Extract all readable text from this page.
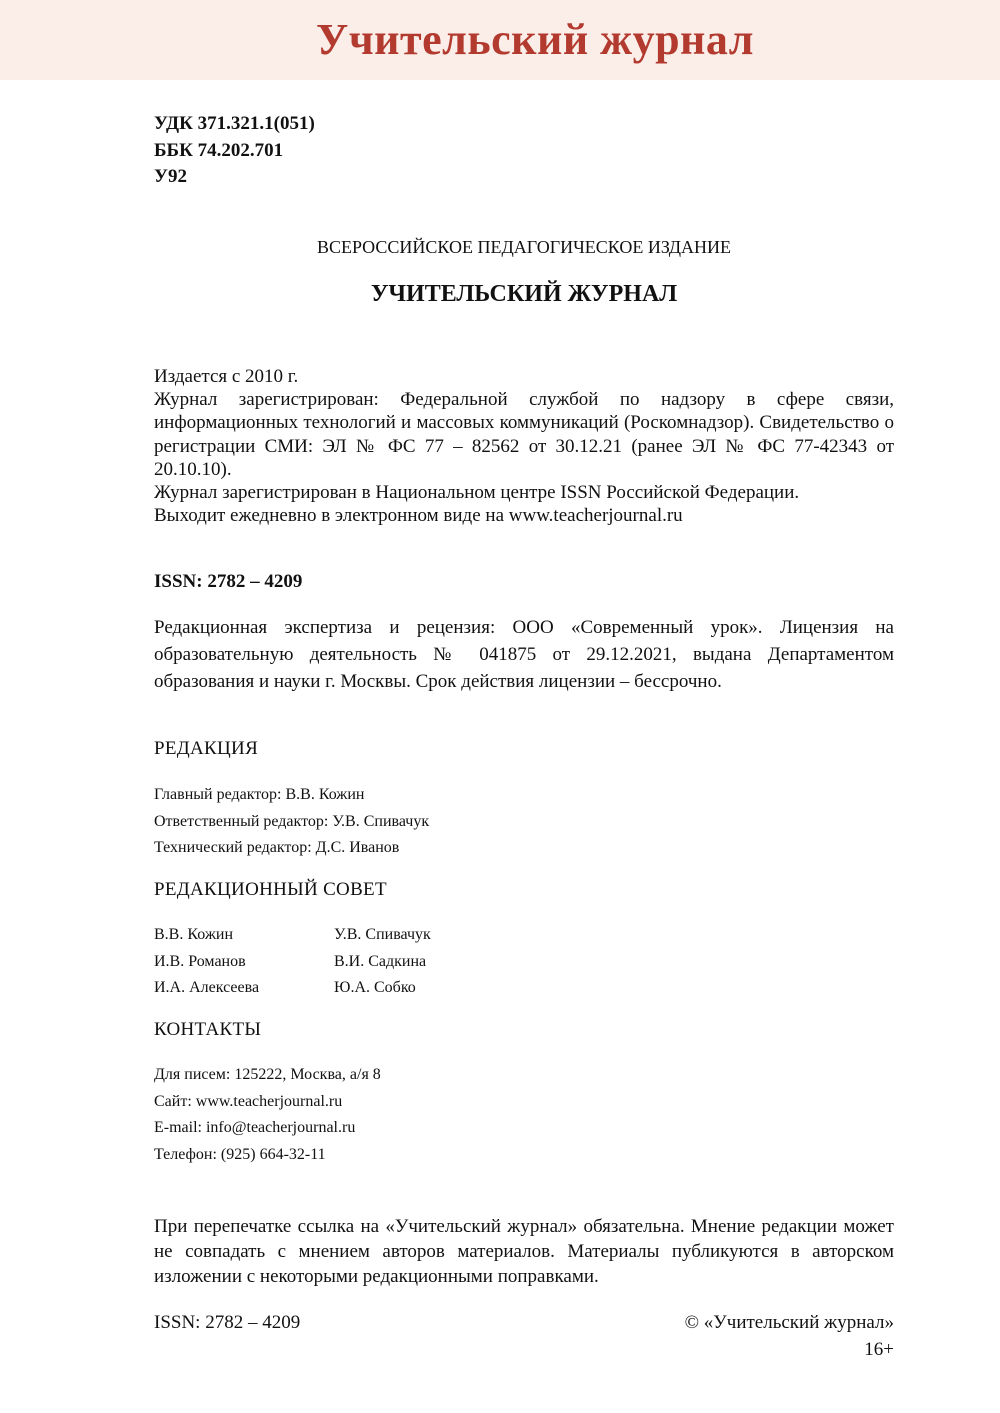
Учительский журнал
УДК 371.321.1(051)
ББК 74.202.701
У92
ВСЕРОССИЙСКОЕ ПЕДАГОГИЧЕСКОЕ ИЗДАНИЕ
УЧИТЕЛЬСКИЙ ЖУРНАЛ

Издается с 2010 г.

Журнал зарегистрирован: Федеральной службой по надзору в сфере связи, информационных технологий и массовых коммуникаций (Роскомнадзор). Свидетельство о регистрации СМИ: ЭЛ № ФС 77 – 82562 от 30.12.21 (ранее ЭЛ № ФС 77-42343 от 20.10.10).

Журнал зарегистрирован в Национальном центре ISSN Российской Федерации.

Выходит ежедневно в электронном виде на www.teacherjournal.ru

ISSN: 2782 – 4209
Редакционная экспертиза и рецензия: ООО «Современный урок». Лицензия на образовательную деятельность № 041875 от 29.12.2021, выдана Департаментом образования и науки г. Москвы. Срок действия лицензии – бессрочно.
РЕДАКЦИЯ
Главный редактор: В.В. Кожин
Ответственный редактор: У.В. Спивачук
Технический редактор: Д.С. Иванов
РЕДАКЦИОННЫЙ СОВЕТ
В.В. Кожин	У.В. Спивачук
И.В. Романов	В.И. Садкина
И.А. Алексеева	Ю.А. Собко
КОНТАКТЫ
Для писем: 125222, Москва, а/я 8
Сайт: www.teacherjournal.ru
E-mail: info@teacherjournal.ru
Телефон: (925) 664-32-11
При перепечатке ссылка на «Учительский журнал» обязательна. Мнение редакции может не совпадать с мнением авторов материалов. Материалы публикуются в авторском изложении с некоторыми редакционными поправками.
ISSN: 2782 – 4209	© «Учительский журнал»
16+
